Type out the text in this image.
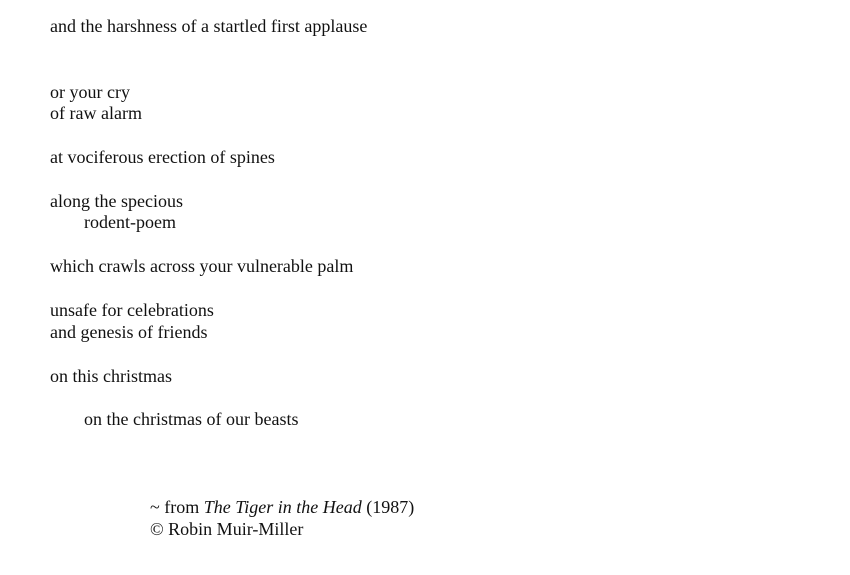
and the harshness of a startled first applause
or your cry
of raw alarm
at vociferous erection of spines
along the specious
rodent-poem
which crawls across your vulnerable palm
unsafe for celebrations
and genesis of friends
on this christmas
on the christmas of our beasts
~ from The Tiger in the Head (1987)
© Robin Muir-Miller
